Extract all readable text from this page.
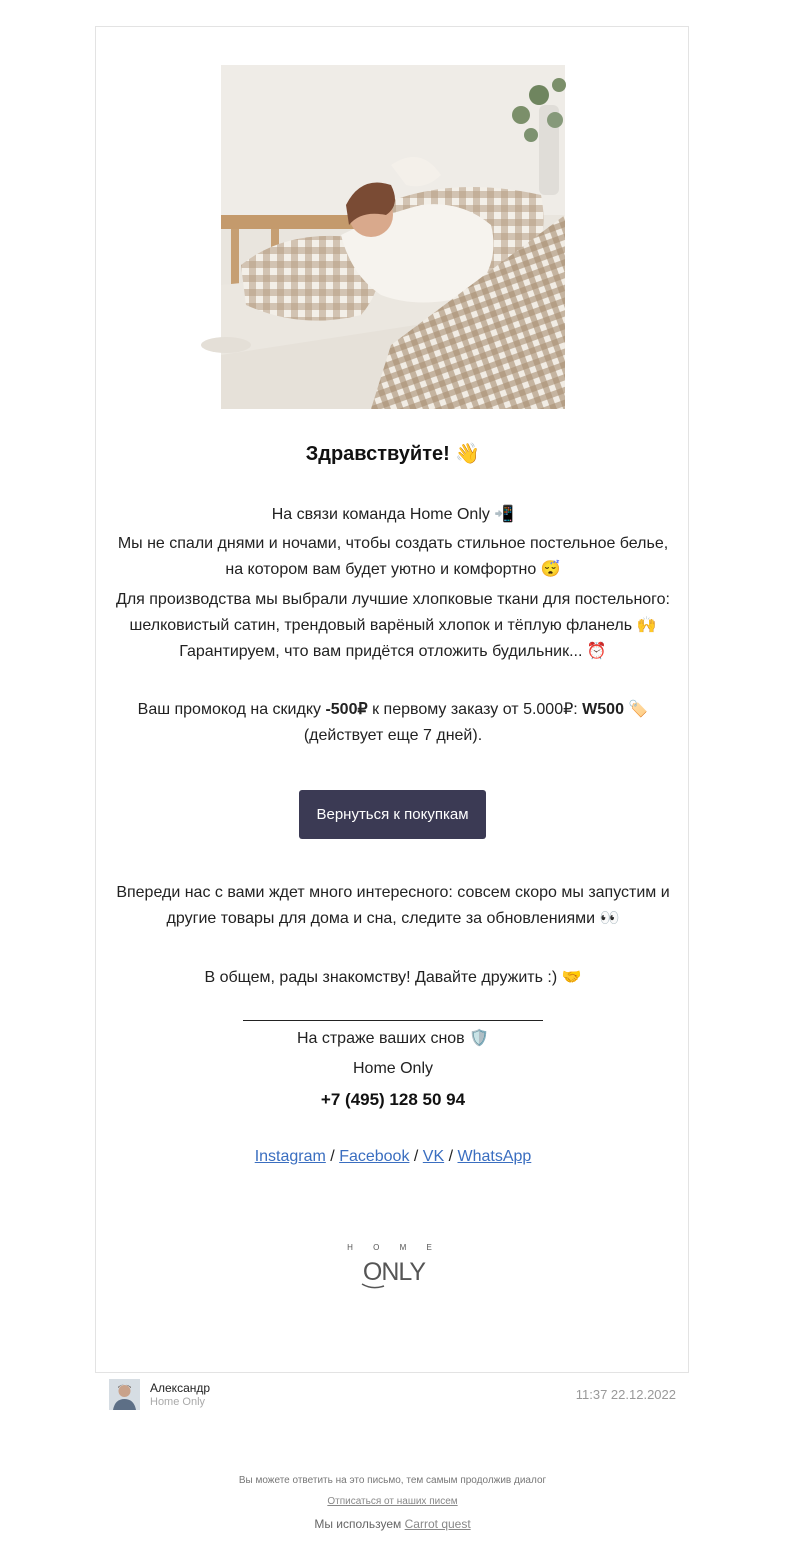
Здравствуйте! 👋
На связи команда Home Only 📲
Мы не спали днями и ночами, чтобы создать стильное постельное белье, на котором вам будет уютно и комфортно 😴
Для производства мы выбрали лучшие хлопковые ткани для постельного: шелковистый сатин, трендовый варёный хлопок и тёплую фланель 🙌 Гарантируем, что вам придётся отложить будильник... ⏰
Ваш промокод на скидку -500₽ к первому заказу от 5.000₽: W500 🏷️ (действует еще 7 дней).
Вернуться к покупкам
Впереди нас с вами ждет много интересного: совсем скоро мы запустим и другие товары для дома и сна, следите за обновлениями 👀
В общем, рады знакомству! Давайте дружить :) 🤝
На страже ваших снов 🛡️
Home Only
+7 (495) 128 50 94
Instagram / Facebook / VK / WhatsApp
H O M E
ONLY
Александр
Home Only	11:37 22.12.2022
Вы можете ответить на это письмо, тем самым продолжив диалог
Отписаться от наших писем
Мы используем Carrot quest
